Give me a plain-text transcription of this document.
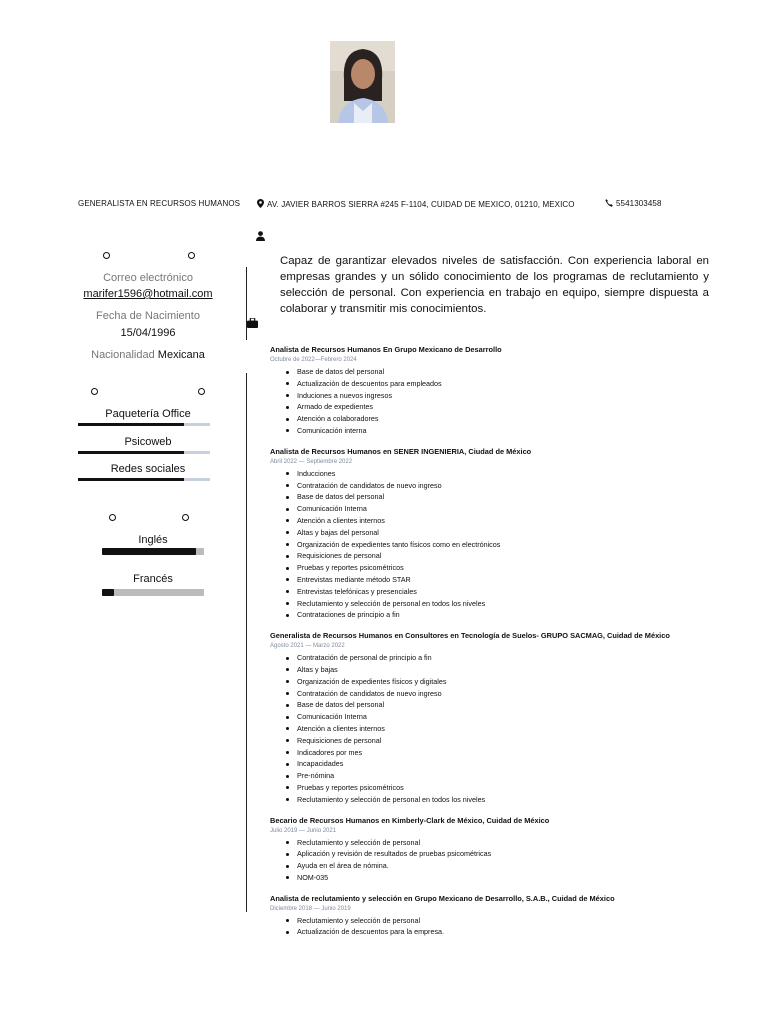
GENERALISTA EN RECURSOS HUMANOS	AV. JAVIER BARROS SIERRA #245 F-1104, CUIDAD DE MEXICO, 01210, MEXICO	5541303458
Correo electrónico
marifer1596@hotmail.com
Fecha de Nacimiento
15/04/1996
Nacionalidad Mexicana
Paquetería Office
Psicoweb
Redes sociales
Inglés
Francés
Capaz de garantizar elevados niveles de satisfacción. Con experiencia laboral en empresas grandes y un sólido conocimiento de los programas de reclutamiento y selección de personal. Con experiencia en trabajo en equipo, siempre dispuesta a colaborar y transmitir mis conocimientos.
Analista de Recursos Humanos En Grupo Mexicano de Desarrollo
Octubre de 2022—Febrero 2024
Base de datos del personal
Actualización de descuentos para empleados
Induciones a nuevos ingresos
Armado de expedientes
Atención a colaboradores
Comunicación interna
Analista de Recursos Humanos en SENER INGENIERIA, Ciudad de México
Abril 2022 — Septiembre 2022
Inducciones
Contratación de candidatos de nuevo ingreso
Base de datos del personal
Comunicación Interna
Atención a clientes internos
Altas y bajas del personal
Organización de expedientes tanto físicos como en electrónicos
Requisiciones de personal
Pruebas y reportes psicométricos
Entrevistas mediante método STAR
Entrevistas telefónicas y presenciales
Reclutamiento y selección de personal en todos los niveles
Contrataciones de principio a fin
Generalista de Recursos Humanos en Consultores en Tecnología de Suelos- GRUPO SACMAG, Cuidad de México
Agosto 2021 — Marzo 2022
Contratación de personal de principio a fin
Altas y bajas
Organización de expedientes físicos y digitales
Contratación de candidatos de nuevo ingreso
Base de datos del personal
Comunicación Interna
Atención a clientes internos
Requisiciones de personal
Indicadores por mes
Incapacidades
Pre-nómina
Pruebas y reportes psicométricos
Reclutamiento y selección de personal en todos los niveles
Becario de Recursos Humanos en Kimberly-Clark de México, Cuidad de México
Julio 2019 — Junio 2021
Reclutamiento y selección de personal
Aplicación y revisión de resultados de pruebas psicométricas
Ayuda en el área de nómina.
NOM-035
Analista de reclutamiento y selección en Grupo Mexicano de Desarrollo, S.A.B., Cuidad de México
Diciembre 2018 — Junio 2019
Reclutamiento y selección de personal
Actualización de descuentos para la empresa.
